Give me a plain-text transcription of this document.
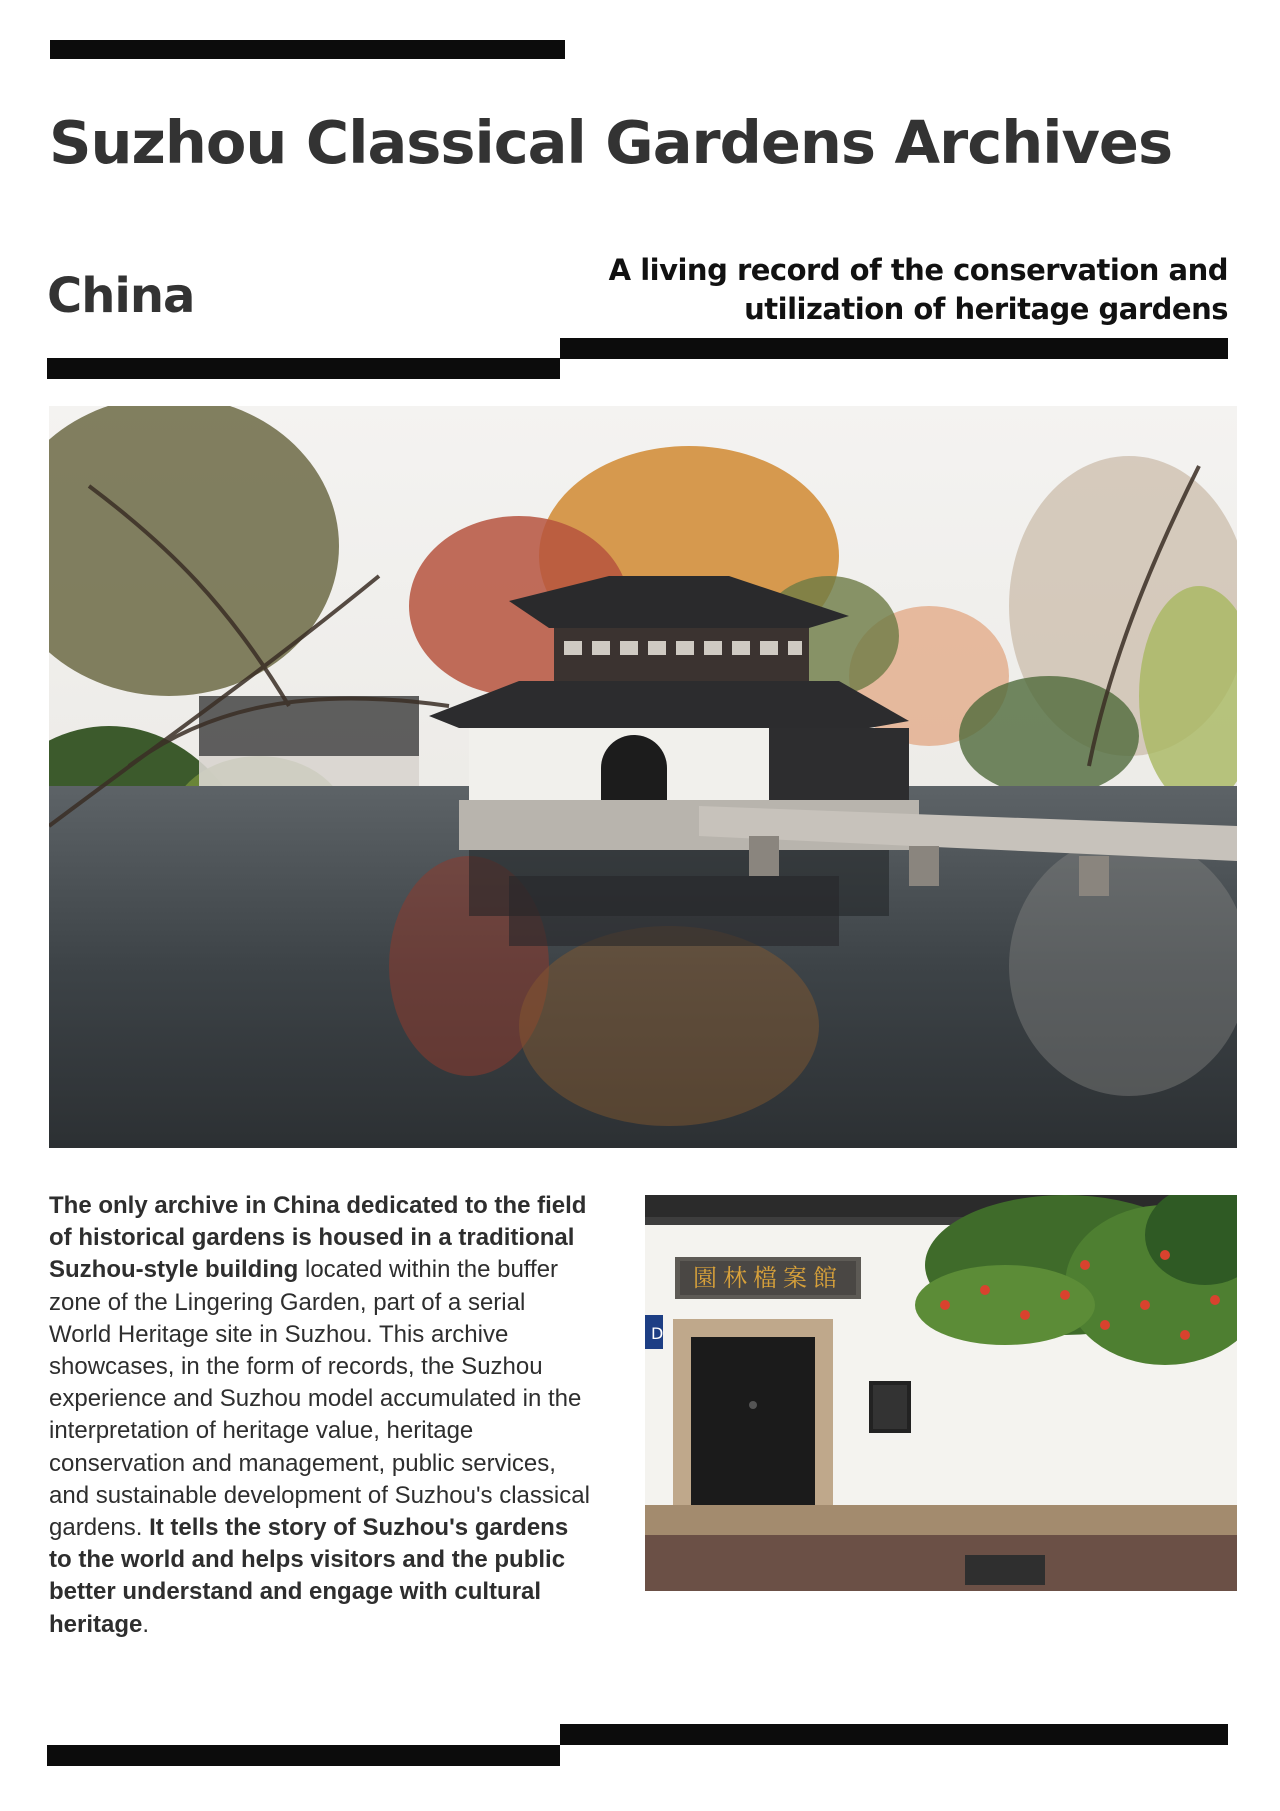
Suzhou Classical Gardens Archives
China	A living record of the conservation and
utilization of heritage gardens
The only archive in China dedicated to the field of historical gardens is housed in a traditional Suzhou-style building located within the buffer zone of the Lingering Garden, part of a serial World Heritage site in Suzhou. This archive showcases, in the form of records, the Suzhou experience and Suzhou model accumulated in the interpretation of heritage value, heritage conservation and management, public services, and sustainable development of Suzhou's classical gardens. It tells the story of Suzhou's gardens to the world and helps visitors and the public better understand and engage with cultural heritage.
園林檔案館
D
